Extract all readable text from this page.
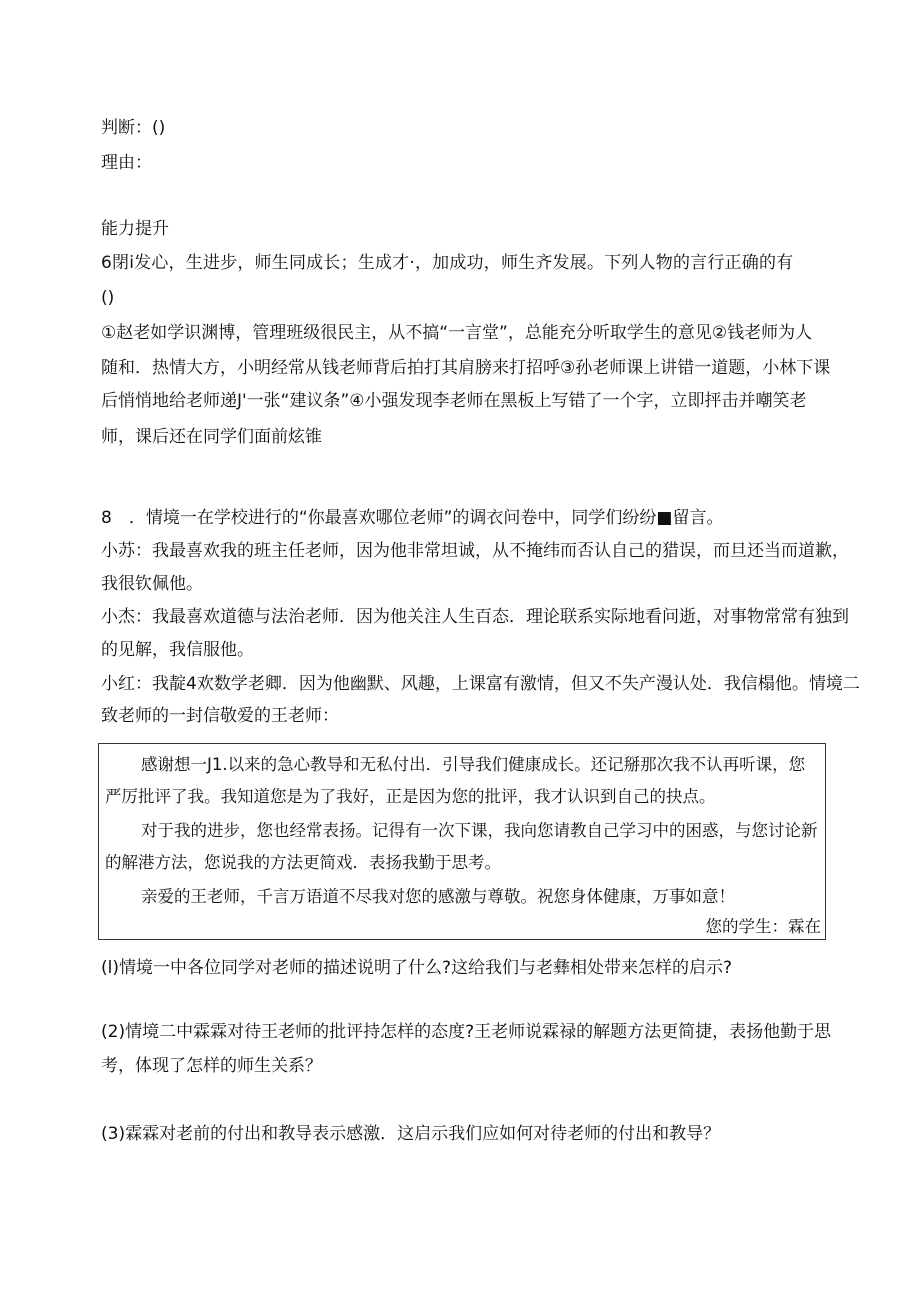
判断：()
理由：
能力提升
6閉i发心，生进步，师生同成长；生成才·，加成功，师生齐发展。下列人物的言行正确的有
()
①赵老如学识渊博，管理班级很民主，从不搞“一言堂”，总能充分听取学生的意见②钱老师为人
随和．热情大方，小明经常从钱老师背后拍打其肩膀来打招呼③孙老师课上讲错一道题，小林下课
后悄悄地给老师递J'一张“建议条”④小强发现李老师在黑板上写错了一个字，立即抨击并嘲笑老
师，课后还在同学们面前炫锥
8　．情境一在学校进行的“你最喜欢哪位老师”的调衣问卷中，同学们纷纷■留言。
小苏：我最喜欢我的班主任老师，因为他非常坦诚，从不掩纬而否认自己的猎误，而旦还当而道歉，
我很钦佩他。
小杰：我最喜欢道德与法治老师．因为他关注人生百态．理论联系实际地看问逝，对事物常常有独到
的见解，我信服他。
小红：我靛4欢数学老卿．因为他幽默、风趣，上课富有激情，但又不失产漫认处．我信榻他。情境二
致老师的一封信敬爱的王老师：
感谢想一J1.以来的急心教导和无私付出．引导我们健康成长。还记掰那次我不认再听课，您
严厉批评了我。我知道您是为了我好，正是因为您的批评，我才认识到自己的抉点。
对于我的进步，您也经常表扬。记得有一次下课，我向您请教自己学习中的困惑，与您讨论新
的解港方法，您说我的方法更简戏．表扬我勤于思考。
亲爱的王老师，千言万语道不尽我对您的感激与尊敬。祝您身体健康，万事如意！
您的学生：霖在
(l)情境一中各位同学对老师的描述说明了什么?这给我们与老彝相处带来怎样的启示?
(2)情境二中霖霖对待王老师的批评持怎样的态度?王老师说霖禄的解题方法更简捷，表扬他勤于思
考，体现了怎样的师生关系？
(3)霖霖对老前的付出和教导表示感激．这启示我们应如何对待老师的付出和教导？
